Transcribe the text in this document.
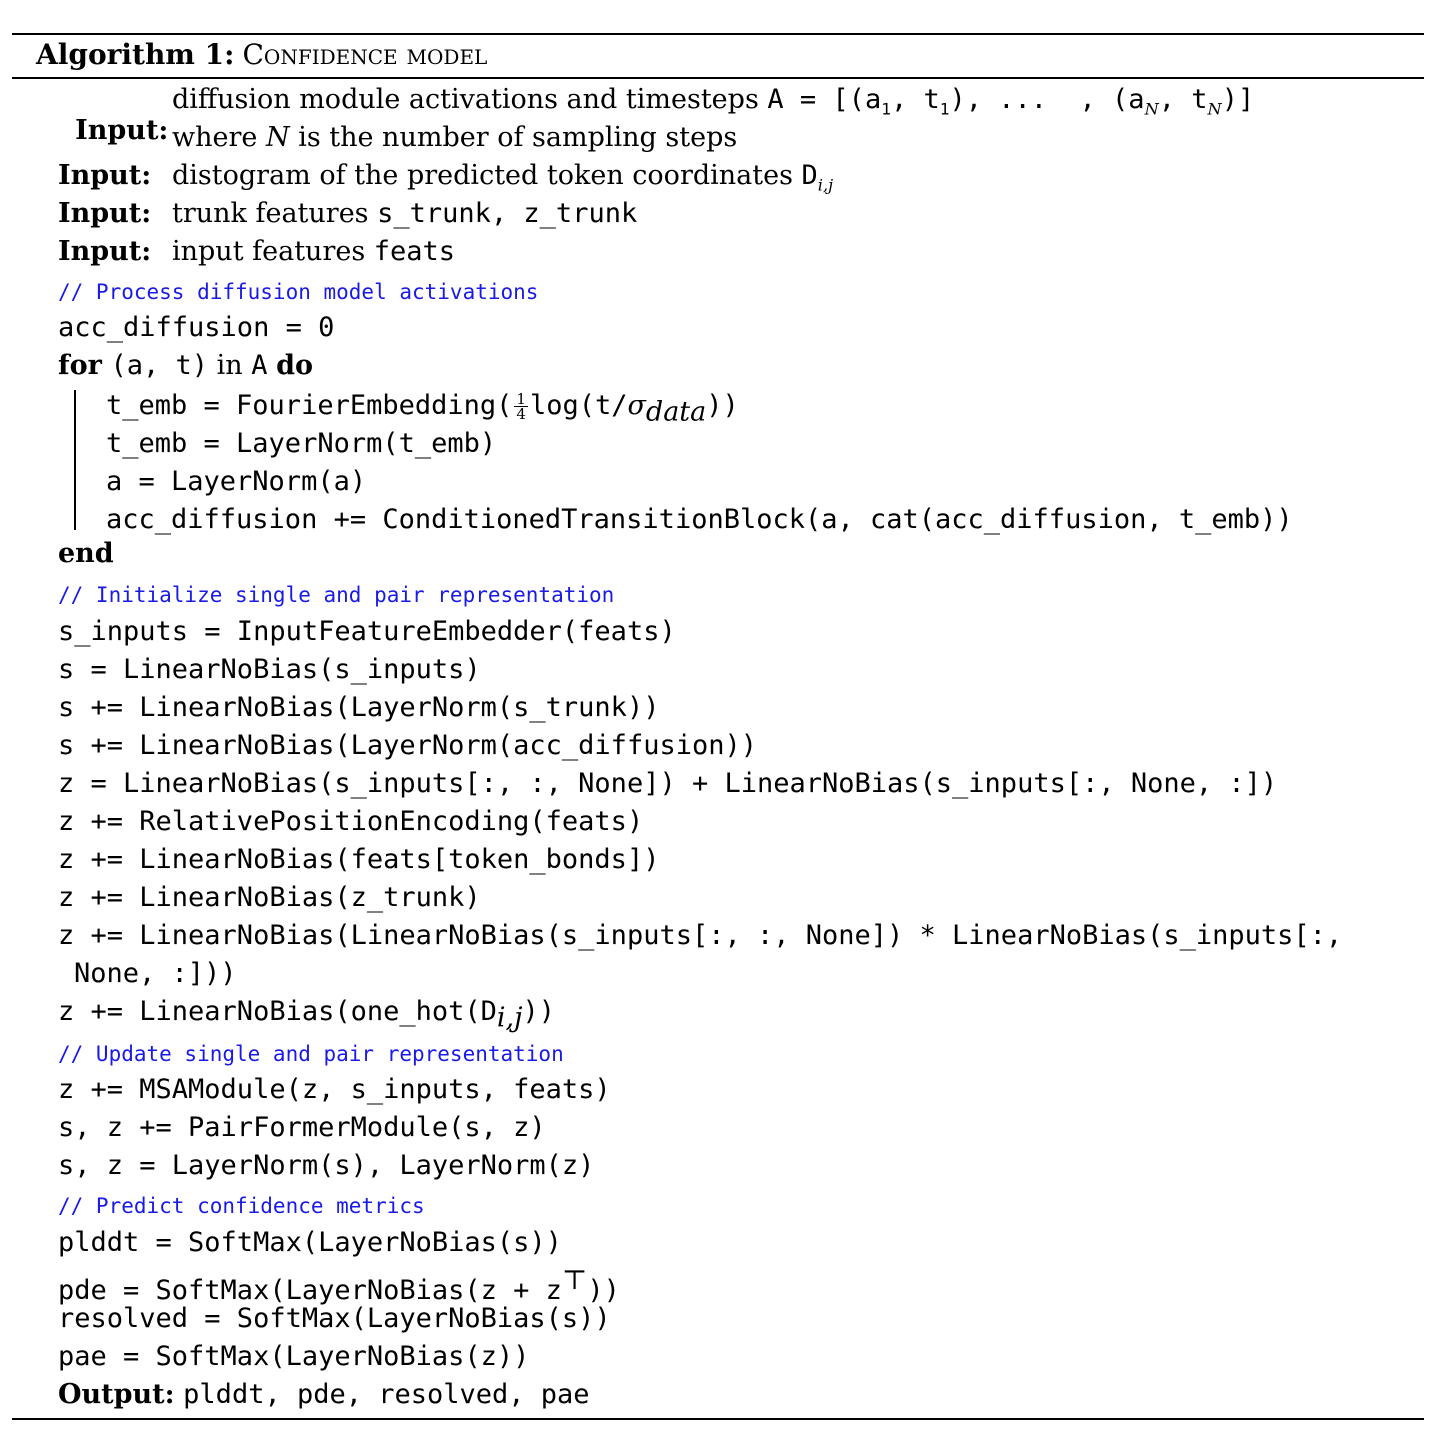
Algorithm 1: Confidence model

Input:

diffusion module activations and timesteps $A = [(a_1$, $t_1$), ...  , ($a_N$, $t_N$)]
where N is the number of sampling steps
Input: distogram of the predicted token coordinates $D_{i,j}$
Input: trunk features s_trunk, z_trunk
Input: input features feats
// Process diffusion model activations
acc_diffusion = 0
for (a, t) in A do
t_emb = FourierEmbedding( $\frac{1}{4} \log(t/\sigma_{data})$)
t_emb = LayerNorm(t_emb)
a = LayerNorm(a)
acc_diffusion += ConditionedTransitionBlock(a, cat(acc_diffusion, t_emb))
end
// Initialize single and pair representation
s_inputs = InputFeatureEmbedder(feats)
s = LinearNoBias(s_inputs)
s += LinearNoBias(LayerNorm(s_trunk))
s += LinearNoBias(LayerNorm(acc_diffusion))
z = LinearNoBias(s_inputs[:, :, None]) + LinearNoBias(s_inputs[:, None, :])
z += RelativePositionEncoding(feats)
z += LinearNoBias(feats[token_bonds])
z += LinearNoBias(z_trunk)
z += LinearNoBias(LinearNoBias(s_inputs[:, :, None]) * LinearNoBias(s_inputs[:,
None, :]))
$z += LinearNoBias(one\_hot(D_{i,j}))$
// Update single and pair representation
z += MSAModule(z, s_inputs, feats)
s, z += PairFormerModule(s, z)
s, z = LayerNorm(s), LayerNorm(z)
// Predict confidence metrics
plddt = SoftMax(LayerNoBias(s))
pde = SoftMax(LayerNoBias(z + z⊤))
resolved = SoftMax(LayerNoBias(s))
pae = SoftMax(LayerNoBias(z))
Output: plddt, pde, resolved, pae
